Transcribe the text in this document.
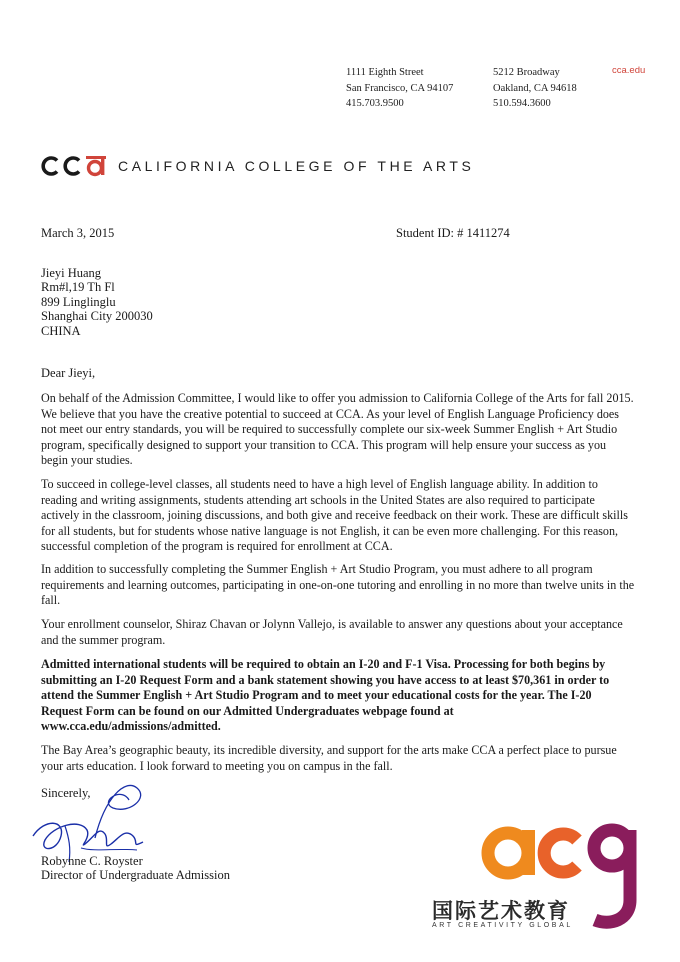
1111 Eighth Street
San Francisco, CA 94107
415.703.9500
5212 Broadway
Oakland, CA 94618
510.594.3600
cca.edu
CALIFORNIA COLLEGE OF THE ARTS
March 3, 2015	Student ID: # 1411274
Jieyi Huang
Rm#l,19 Th Fl
899 Linglinglu
Shanghai City 200030
CHINA
Dear Jieyi,

On behalf of the Admission Committee, I would like to offer you admission to California College of the Arts for fall 2015. We believe that you have the creative potential to succeed at CCA. As your level of English Language Proficiency does not meet our entry standards, you will be required to successfully complete our six-week Summer English + Art Studio program, specifically designed to support your transition to CCA. This program will help ensure your success as you begin your studies.

To succeed in college-level classes, all students need to have a high level of English language ability. In addition to reading and writing assignments, students attending art schools in the United States are also required to participate actively in the classroom, joining discussions, and both give and receive feedback on their work. These are difficult skills for all students, but for students whose native language is not English, it can be even more challenging. For this reason, successful completion of the program is required for enrollment at CCA.

In addition to successfully completing the Summer English + Art Studio Program, you must adhere to all program requirements and learning outcomes, participating in one-on-one tutoring and enrolling in no more than twelve units in the fall.

Your enrollment counselor, Shiraz Chavan or Jolynn Vallejo, is available to answer any questions about your acceptance and the summer program.

Admitted international students will be required to obtain an I-20 and F-1 Visa. Processing for both begins by submitting an I-20 Request Form and a bank statement showing you have access to at least $70,361 in order to attend the Summer English + Art Studio Program and to meet your educational costs for the year. The I-20 Request Form can be found on our Admitted Undergraduates webpage found at www.cca.edu/admissions/admitted.

The Bay Area’s geographic beauty, its incredible diversity, and support for the arts make CCA a perfect place to pursue your arts education. I look forward to meeting you on campus in the fall.

Sincerely,
Robynne C. Royster
Director of Undergraduate Admission
国际艺术教育
ART CREATIVITY GLOBAL
